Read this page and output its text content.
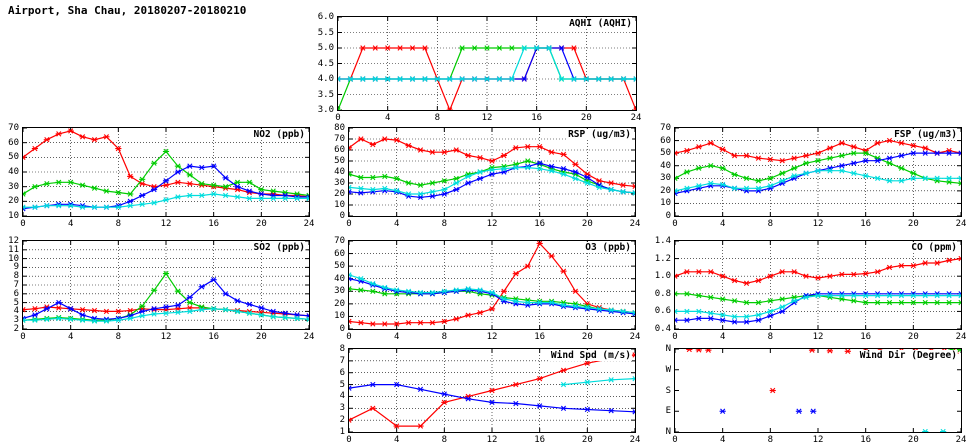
Airport, Sha Chau, 20180207-20180210
AQHI (AQHI)
0	4	8	12	16	20	24
3.0
3.5
4.0
4.5
5.0
5.5
6.0
NO2 (ppb)
0	4	8	12	16	20	24
10
20
30
40
50
60
70
RSP (ug/m3)
0	4	8	12	16	20	24
0
10
20
30
40
50
60
70
80
FSP (ug/m3)
0	4	8	12	16	20	24
0
10
20
30
40
50
60
70
SO2 (ppb)
0	4	8	12	16	20	24
2
3
4
5
6
7
8
9
10
11
12
O3 (ppb)
0	4	8	12	16	20	24
0
10
20
30
40
50
60
70
CO (ppm)
0	4	8	12	16	20	24
0.4
0.6
0.8
1.0
1.2
1.4
Wind Spd (m/s)
0	4	8	12	16	20	24
1
2
3
4
5
6
7
8
Wind Dir (Degree)
0	4	8	12	16	20	24
N
E
S
W
N
